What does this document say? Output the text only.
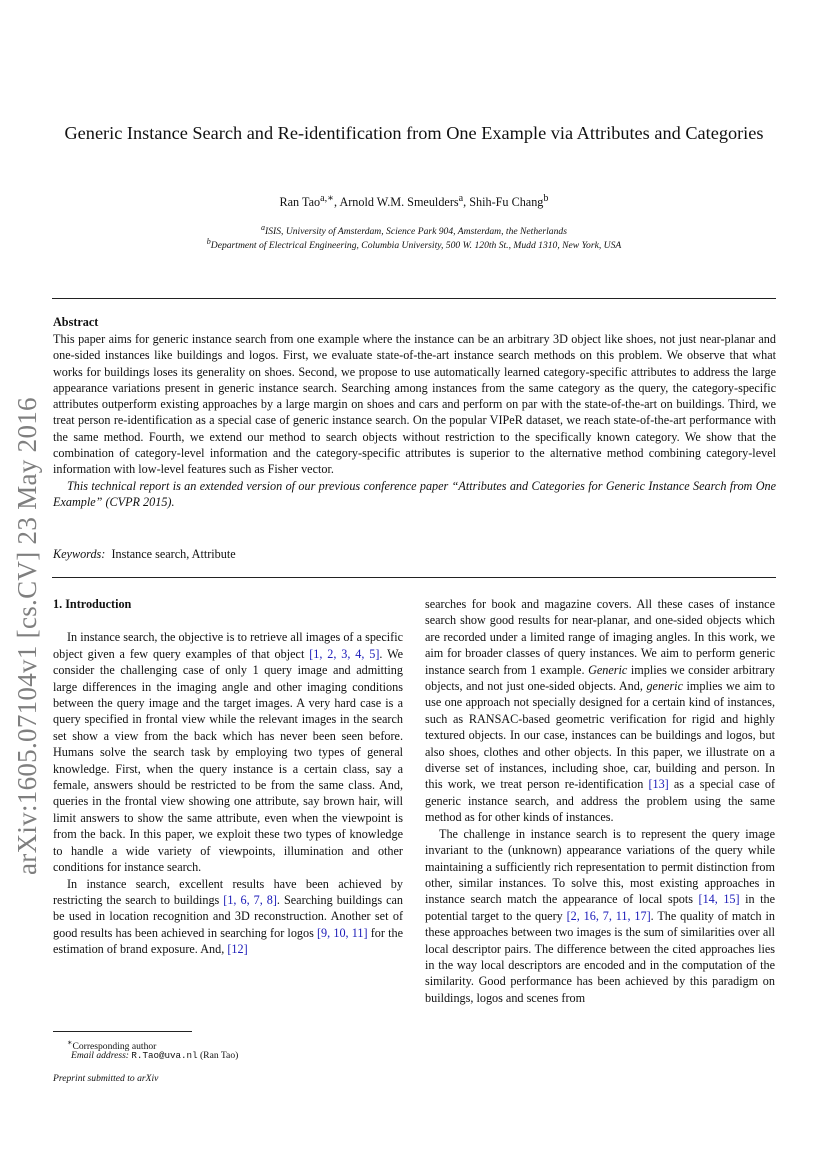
arXiv:1605.07104v1 [cs.CV] 23 May 2016
Generic Instance Search and Re-identification from One Example via Attributes and Categories
Ran Tao$^{a,∗}$, Arnold W.M. Smeulders$^a$, Shih-Fu Chang$^b$
$^a$ISIS, University of Amsterdam, Science Park 904, Amsterdam, the Netherlands
$^b$Department of Electrical Engineering, Columbia University, 500 W. 120th St., Mudd 1310, New York, USA
Abstract

This paper aims for generic instance search from one example where the instance can be an arbitrary 3D object like shoes, not just near-planar and one-sided instances like buildings and logos. First, we evaluate state-of-the-art instance search methods on this problem. We observe that what works for buildings loses its generality on shoes. Second, we propose to use automatically learned category-specific attributes to address the large appearance variations present in generic instance search. Searching among instances from the same category as the query, the category-specific attributes outperform existing approaches by a large margin on shoes and cars and perform on par with the state-of-the-art on buildings. Third, we treat person re-identification as a special case of generic instance search. On the popular VIPeR dataset, we reach state-of-the-art performance with the same method. Fourth, we extend our method to search objects without restriction to the specifically known category. We show that the combination of category-level information and the category-specific attributes is superior to the alternative method combining category-level information with low-level features such as Fisher vector.

This technical report is an extended version of our previous conference paper “Attributes and Categories for Generic Instance Search from One Example” (CVPR 2015).

Keywords: Instance search, Attribute
1. Introduction

In instance search, the objective is to retrieve all images of a specific object given a few query examples of that object [1, 2, 3, 4, 5]. We consider the challenging case of only 1 query image and admitting large differences in the imaging angle and other imaging conditions between the query image and the target images. A very hard case is a query specified in frontal view while the relevant images in the search set show a view from the back which has never been seen before. Humans solve the search task by employing two types of general knowledge. First, when the query instance is a certain class, say a female, answers should be restricted to be from the same class. And, queries in the frontal view showing one attribute, say brown hair, will limit answers to show the same attribute, even when the viewpoint is from the back. In this paper, we exploit these two types of knowledge to handle a wide variety of viewpoints, illumination and other conditions for instance search.

In instance search, excellent results have been achieved by restricting the search to buildings [1, 6, 7, 8]. Searching buildings can be used in location recognition and 3D reconstruction. Another set of good results has been achieved in searching for logos [9, 10, 11] for the estimation of brand exposure. And, [12]

searches for book and magazine covers. All these cases of instance search show good results for near-planar, and one-sided objects which are recorded under a limited range of imaging angles. In this work, we aim for broader classes of query instances. We aim to perform generic instance search from 1 example. Generic implies we consider arbitrary objects, and not just one-sided objects. And, generic implies we aim to use one approach not specially designed for a certain kind of instances, such as RANSAC-based geometric verification for rigid and highly textured objects. In our case, instances can be buildings and logos, but also shoes, clothes and other objects. In this paper, we illustrate on a diverse set of instances, including shoe, car, building and person. In this work, we treat person re-identification [13] as a special case of generic instance search, and address the problem using the same method as for other kinds of instances.

The challenge in instance search is to represent the query image invariant to the (unknown) appearance variations of the query while maintaining a sufficiently rich representation to permit distinction from other, similar instances. To solve this, most existing approaches in instance search match the appearance of local spots [14, 15] in the potential target to the query [2, 16, 7, 11, 17]. The quality of match in these approaches between two images is the sum of similarities over all local descriptor pairs. The difference between the cited approaches lies in the way local descriptors are encoded and in the computation of the similarity. Good performance has been achieved by this paradigm on buildings, logos and scenes from

∗Corresponding author
Email address: R.Tao@uva.nl (Ran Tao)
Preprint submitted to arXiv
